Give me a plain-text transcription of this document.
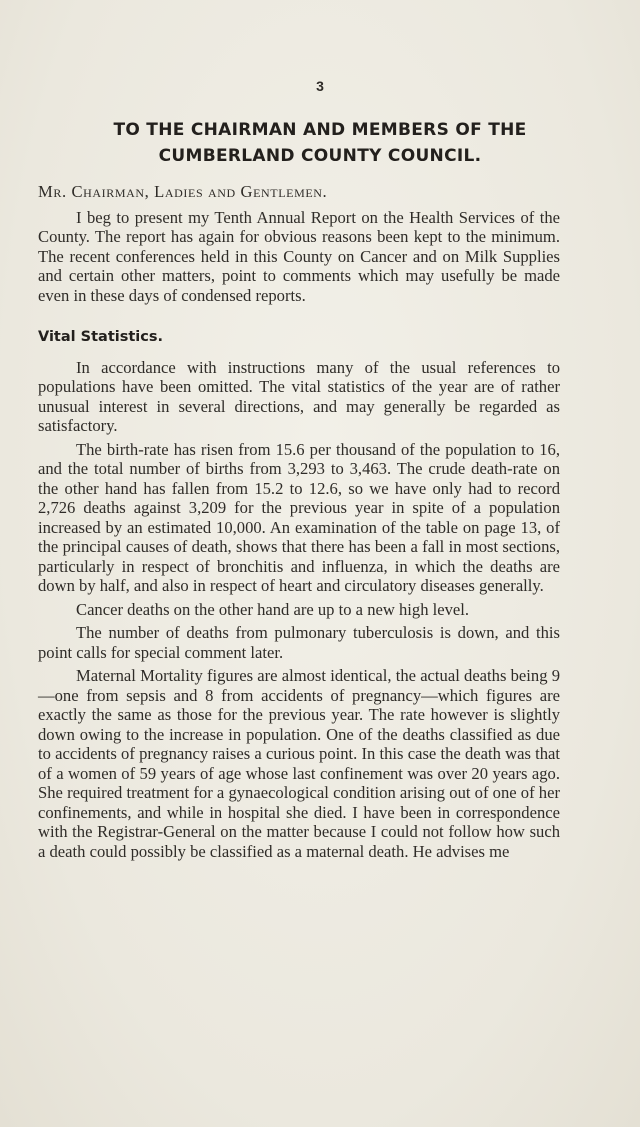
3
TO THE CHAIRMAN AND MEMBERS OF THE
CUMBERLAND COUNTY COUNCIL.
Mr. Chairman, Ladies and Gentlemen.

I beg to present my Tenth Annual Report on the Health Services of the County. The report has again for obvious reasons been kept to the minimum. The recent conferences held in this County on Cancer and on Milk Supplies and certain other matters, point to comments which may usefully be made even in these days of condensed reports.

Vital Statistics.

In accordance with instructions many of the usual references to populations have been omitted. The vital statistics of the year are of rather unusual interest in several directions, and may generally be regarded as satisfactory.

The birth-rate has risen from 15.6 per thousand of the population to 16, and the total number of births from 3,293 to 3,463. The crude death-rate on the other hand has fallen from 15.2 to 12.6, so we have only had to record 2,726 deaths against 3,209 for the previous year in spite of a population increased by an estimated 10,000. An examination of the table on page 13, of the principal causes of death, shows that there has been a fall in most sections, particularly in respect of bronchitis and influenza, in which the deaths are down by half, and also in respect of heart and circulatory diseases generally.

Cancer deaths on the other hand are up to a new high level.

The number of deaths from pulmonary tuberculosis is down, and this point calls for special comment later.

Maternal Mortality figures are almost identical, the actual deaths being 9—one from sepsis and 8 from accidents of pregnancy—which figures are exactly the same as those for the previous year. The rate however is slightly down owing to the increase in population. One of the deaths classified as due to accidents of pregnancy raises a curious point. In this case the death was that of a women of 59 years of age whose last confinement was over 20 years ago. She required treatment for a gynaecological condition arising out of one of her confinements, and while in hospital she died. I have been in correspondence with the Registrar-General on the matter because I could not follow how such a death could possibly be classified as a maternal death. He advises me
